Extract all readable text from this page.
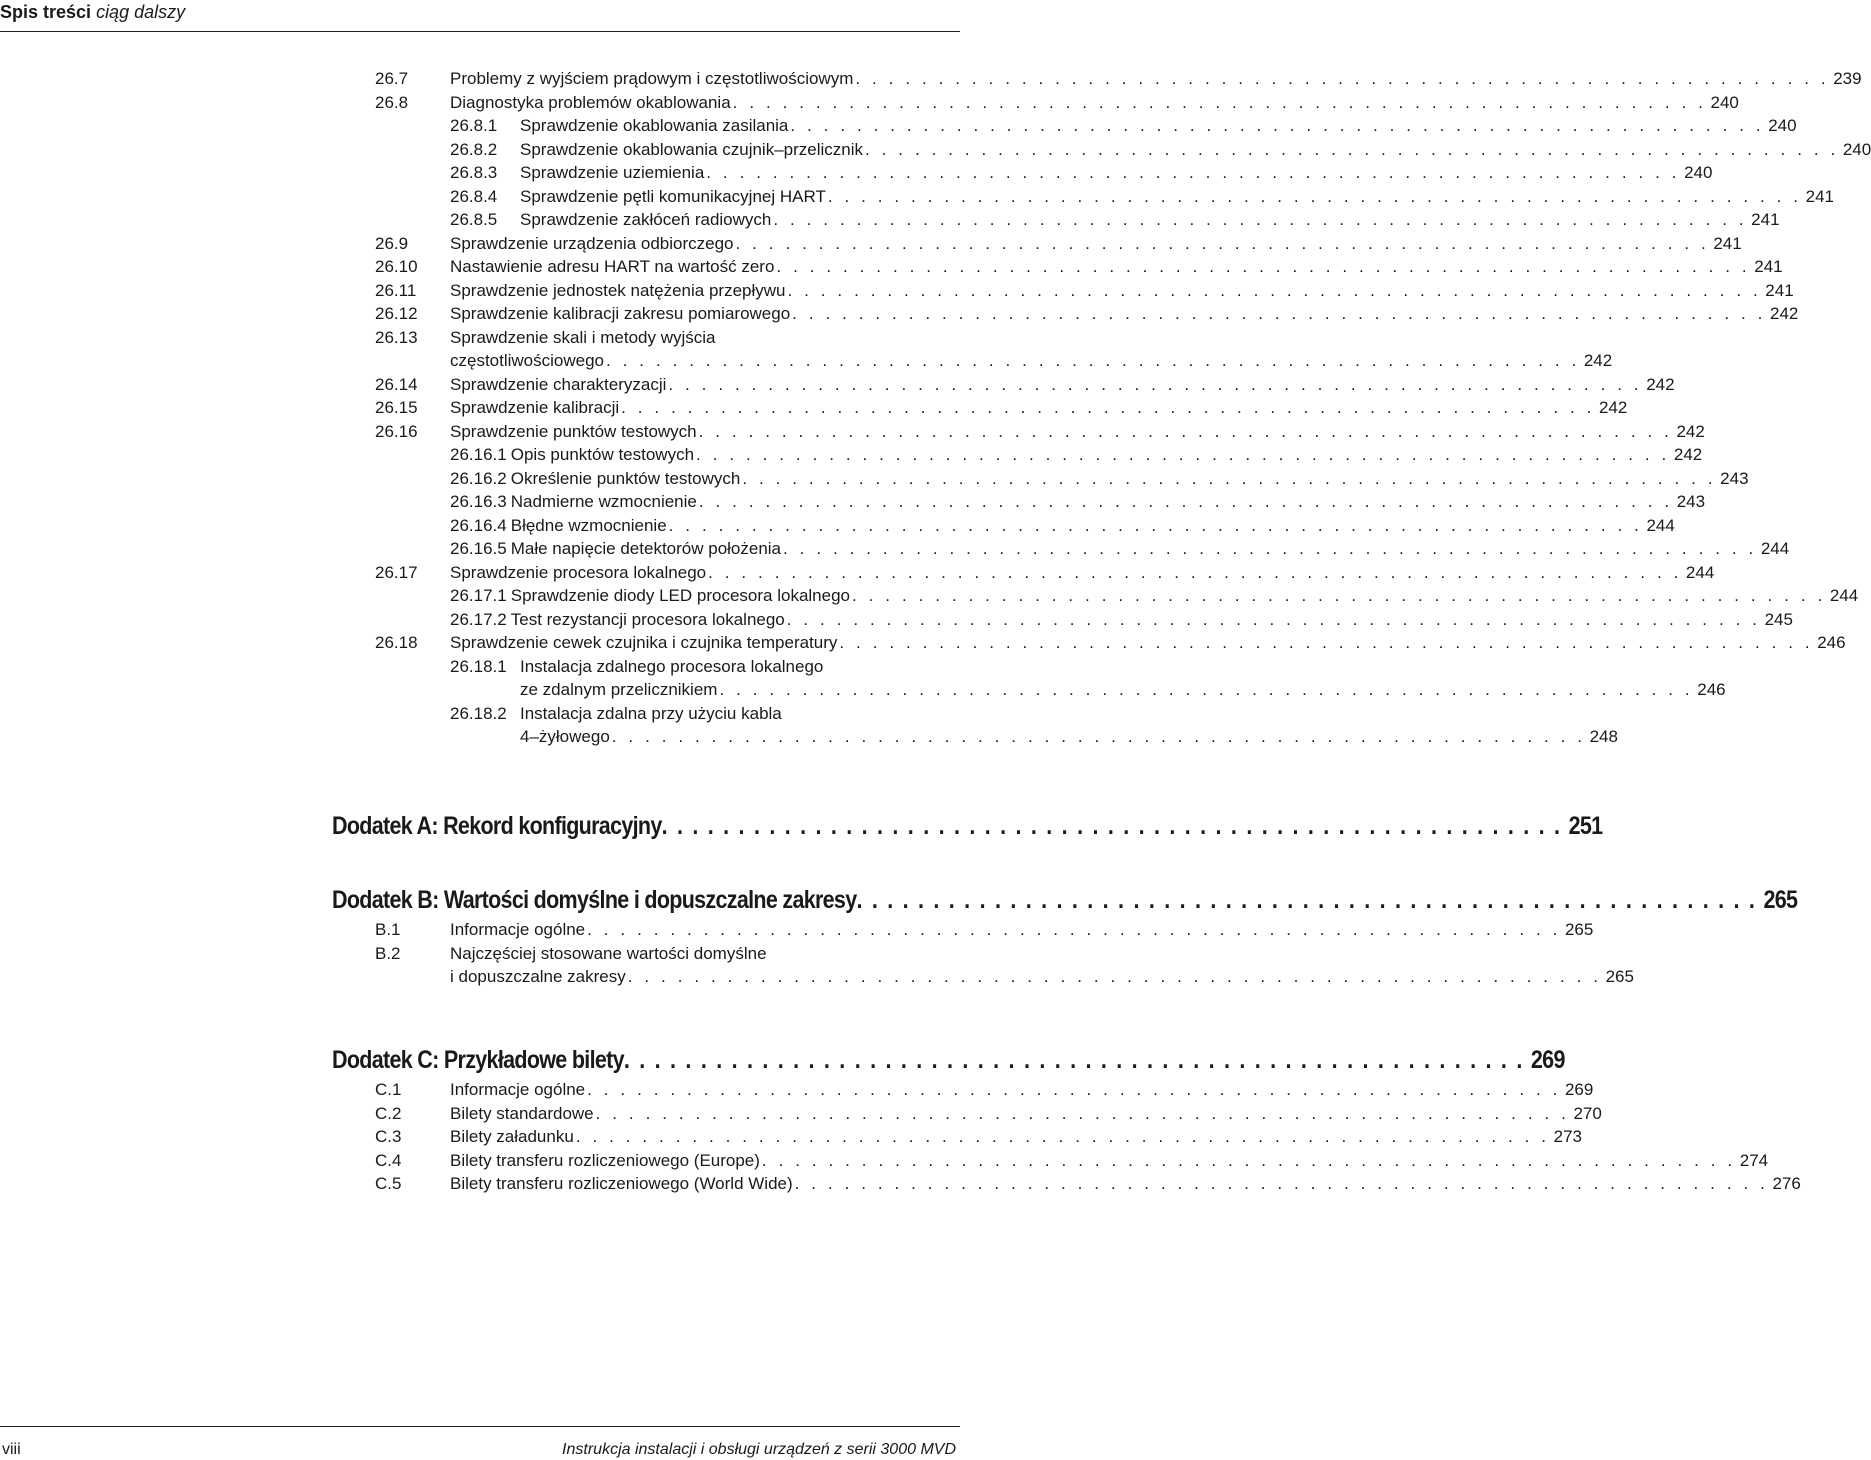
Spis treści ciąg dalszy
26.7	Problemy z wyjściem prądowym i częstotliwościowym . . . . . . . . . . . . . . . . . . . . . . . . . . . . . . . . . . . . . . . . . . . . . . . . . . . . . . . . . . . 239
26.8	Diagnostyka problemów okablowania . . . . . . . . . . . . . . . . . . . . . . . . . . . . . . . . . . . . . . . . . . . . . . . . . . . . . . . . . . . 240
26.8.1	Sprawdzenie okablowania zasilania . . . . . . . . . . . . . . . . . . . . . . . . . . . . . . . . . . . . . . . . . . . . . . . . . . . . . . . . . . . 240
26.8.2	Sprawdzenie okablowania czujnik–przelicznik . . . . . . . . . . . . . . . . . . . . . . . . . . . . . . . . . . . . . . . . . . . . . . . . . . . . . . . . . . . 240
26.8.3	Sprawdzenie uziemienia . . . . . . . . . . . . . . . . . . . . . . . . . . . . . . . . . . . . . . . . . . . . . . . . . . . . . . . . . . . 240
26.8.4	Sprawdzenie pętli komunikacyjnej HART . . . . . . . . . . . . . . . . . . . . . . . . . . . . . . . . . . . . . . . . . . . . . . . . . . . . . . . . . . . 241
26.8.5	Sprawdzenie zakłóceń radiowych . . . . . . . . . . . . . . . . . . . . . . . . . . . . . . . . . . . . . . . . . . . . . . . . . . . . . . . . . . . 241
26.9	Sprawdzenie urządzenia odbiorczego . . . . . . . . . . . . . . . . . . . . . . . . . . . . . . . . . . . . . . . . . . . . . . . . . . . . . . . . . . . 241
26.10	Nastawienie adresu HART na wartość zero . . . . . . . . . . . . . . . . . . . . . . . . . . . . . . . . . . . . . . . . . . . . . . . . . . . . . . . . . . . 241
26.11	Sprawdzenie jednostek natężenia przepływu . . . . . . . . . . . . . . . . . . . . . . . . . . . . . . . . . . . . . . . . . . . . . . . . . . . . . . . . . . . 241
26.12	Sprawdzenie kalibracji zakresu pomiarowego . . . . . . . . . . . . . . . . . . . . . . . . . . . . . . . . . . . . . . . . . . . . . . . . . . . . . . . . . . . 242
26.13	Sprawdzenie skali i metody wyjścia
częstotliwościowego . . . . . . . . . . . . . . . . . . . . . . . . . . . . . . . . . . . . . . . . . . . . . . . . . . . . . . . . . . . 242
26.14	Sprawdzenie charakteryzacji . . . . . . . . . . . . . . . . . . . . . . . . . . . . . . . . . . . . . . . . . . . . . . . . . . . . . . . . . . . 242
26.15	Sprawdzenie kalibracji . . . . . . . . . . . . . . . . . . . . . . . . . . . . . . . . . . . . . . . . . . . . . . . . . . . . . . . . . . . 242
26.16	Sprawdzenie punktów testowych . . . . . . . . . . . . . . . . . . . . . . . . . . . . . . . . . . . . . . . . . . . . . . . . . . . . . . . . . . . 242
26.16.1 Opis punktów testowych . . . . . . . . . . . . . . . . . . . . . . . . . . . . . . . . . . . . . . . . . . . . . . . . . . . . . . . . . . . 242
26.16.2 Określenie punktów testowych . . . . . . . . . . . . . . . . . . . . . . . . . . . . . . . . . . . . . . . . . . . . . . . . . . . . . . . . . . . 243
26.16.3 Nadmierne wzmocnienie . . . . . . . . . . . . . . . . . . . . . . . . . . . . . . . . . . . . . . . . . . . . . . . . . . . . . . . . . . . 243
26.16.4 Błędne wzmocnienie . . . . . . . . . . . . . . . . . . . . . . . . . . . . . . . . . . . . . . . . . . . . . . . . . . . . . . . . . . . 244
26.16.5 Małe napięcie detektorów położenia . . . . . . . . . . . . . . . . . . . . . . . . . . . . . . . . . . . . . . . . . . . . . . . . . . . . . . . . . . . 244
26.17	Sprawdzenie procesora lokalnego . . . . . . . . . . . . . . . . . . . . . . . . . . . . . . . . . . . . . . . . . . . . . . . . . . . . . . . . . . . 244
26.17.1 Sprawdzenie diody LED procesora lokalnego . . . . . . . . . . . . . . . . . . . . . . . . . . . . . . . . . . . . . . . . . . . . . . . . . . . . . . . . . . . 244
26.17.2 Test rezystancji procesora lokalnego . . . . . . . . . . . . . . . . . . . . . . . . . . . . . . . . . . . . . . . . . . . . . . . . . . . . . . . . . . . 245
26.18	Sprawdzenie cewek czujnika i czujnika temperatury . . . . . . . . . . . . . . . . . . . . . . . . . . . . . . . . . . . . . . . . . . . . . . . . . . . . . . . . . . . 246
26.18.1 Instalacja zdalnego procesora lokalnego
ze zdalnym przelicznikiem . . . . . . . . . . . . . . . . . . . . . . . . . . . . . . . . . . . . . . . . . . . . . . . . . . . . . . . . . . . 246
26.18.2 Instalacja zdalna przy użyciu kabla
4–żyłowego . . . . . . . . . . . . . . . . . . . . . . . . . . . . . . . . . . . . . . . . . . . . . . . . . . . . . . . . . . . 248
Dodatek A: Rekord konfiguracyjny . . . . . . . . . . . . . . . . . . . . . . . . . . . . . . . . . . . . . . . . . . . . . . . . . . . . . . . . . . . 251
Dodatek B: Wartości domyślne i dopuszczalne zakresy . . . . . . . . . . . . . . . . . . . . . . . . . . . . . . . . . . . . . . . . . . . . . . . . . . . . . . . . . . . 265
B.1	Informacje ogólne . . . . . . . . . . . . . . . . . . . . . . . . . . . . . . . . . . . . . . . . . . . . . . . . . . . . . . . . . . . 265
B.2	Najczęściej stosowane wartości domyślne
i dopuszczalne zakresy . . . . . . . . . . . . . . . . . . . . . . . . . . . . . . . . . . . . . . . . . . . . . . . . . . . . . . . . . . . 265
Dodatek C: Przykładowe bilety . . . . . . . . . . . . . . . . . . . . . . . . . . . . . . . . . . . . . . . . . . . . . . . . . . . . . . . . . . . 269
C.1	Informacje ogólne . . . . . . . . . . . . . . . . . . . . . . . . . . . . . . . . . . . . . . . . . . . . . . . . . . . . . . . . . . . 269
C.2	Bilety standardowe . . . . . . . . . . . . . . . . . . . . . . . . . . . . . . . . . . . . . . . . . . . . . . . . . . . . . . . . . . . 270
C.3	Bilety załadunku . . . . . . . . . . . . . . . . . . . . . . . . . . . . . . . . . . . . . . . . . . . . . . . . . . . . . . . . . . . 273
C.4	Bilety transferu rozliczeniowego (Europe) . . . . . . . . . . . . . . . . . . . . . . . . . . . . . . . . . . . . . . . . . . . . . . . . . . . . . . . . . . . 274
C.5	Bilety transferu rozliczeniowego (World Wide) . . . . . . . . . . . . . . . . . . . . . . . . . . . . . . . . . . . . . . . . . . . . . . . . . . . . . . . . . . . 276
viii	Instrukcja instalacji i obsługi urządzeń z serii 3000 MVD
